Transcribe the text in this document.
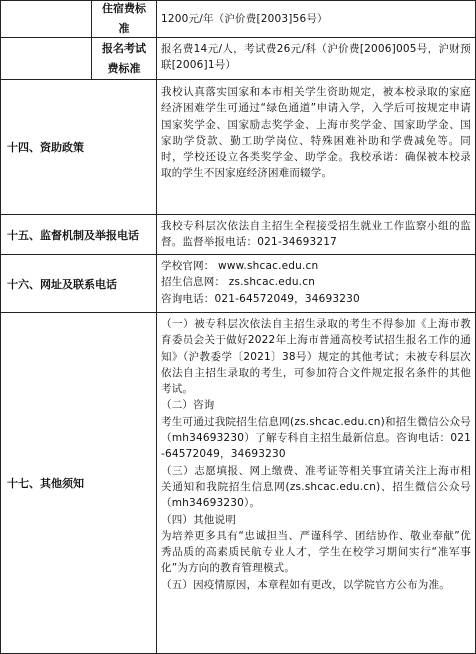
住宿费标准
1200元/年（沪价费[2003]56号）
报名考试费标准
报名费14元/人，考试费26元/科（沪价费[2006]005号，沪财预联[2006]1号）
十四、资助政策
我校认真落实国家和本市相关学生资助规定，被本校录取的家庭经济困难学生可通过“绿色通道”申请入学，入学后可按规定申请国家奖学金、国家励志奖学金、上海市奖学金、国家助学金、国家助学贷款、勤工助学岗位、特殊困难补助和学费减免等。同时，学校还设立各类奖学金、助学金。我校承诺：确保被本校录取的学生不因家庭经济困难而辍学。
十五、监督机制及举报电话
我校专科层次依法自主招生全程接受招生就业工作监察小组的监督。监督举报电话：021-34693217
十六、网址及联系电话
学校官网： www.shcac.edu.cn
招生信息网： zs.shcac.edu.cn
咨询电话：021-64572049，34693230
十七、其他须知

（一）被专科层次依法自主招生录取的考生不得参加《上海市教育委员会关于做好2022年上海市普通高校考试招生报名工作的通知》（沪教委学〔2021〕38号）规定的其他考试；未被专科层次依法自主招生录取的考生，可参加符合文件规定报名条件的其他考试。

（二）咨询

考生可通过我院招生信息网(zs.shcac.edu.cn)和招生微信公众号（mh34693230）了解专科自主招生最新信息。咨询电话：021-64572049，34693230

（三）志愿填报、网上缴费、准考证等相关事宜请关注上海市相关通知和我院招生信息网(zs.shcac.edu.cn)、招生微信公众号（mh34693230）。

（四）其他说明

为培养更多具有“忠诚担当、严谨科学、团结协作、敬业奉献”优秀品质的高素质民航专业人才，学生在校学习期间实行“准军事化”为方向的教育管理模式。

（五）因疫情原因，本章程如有更改，以学院官方公布为准。
